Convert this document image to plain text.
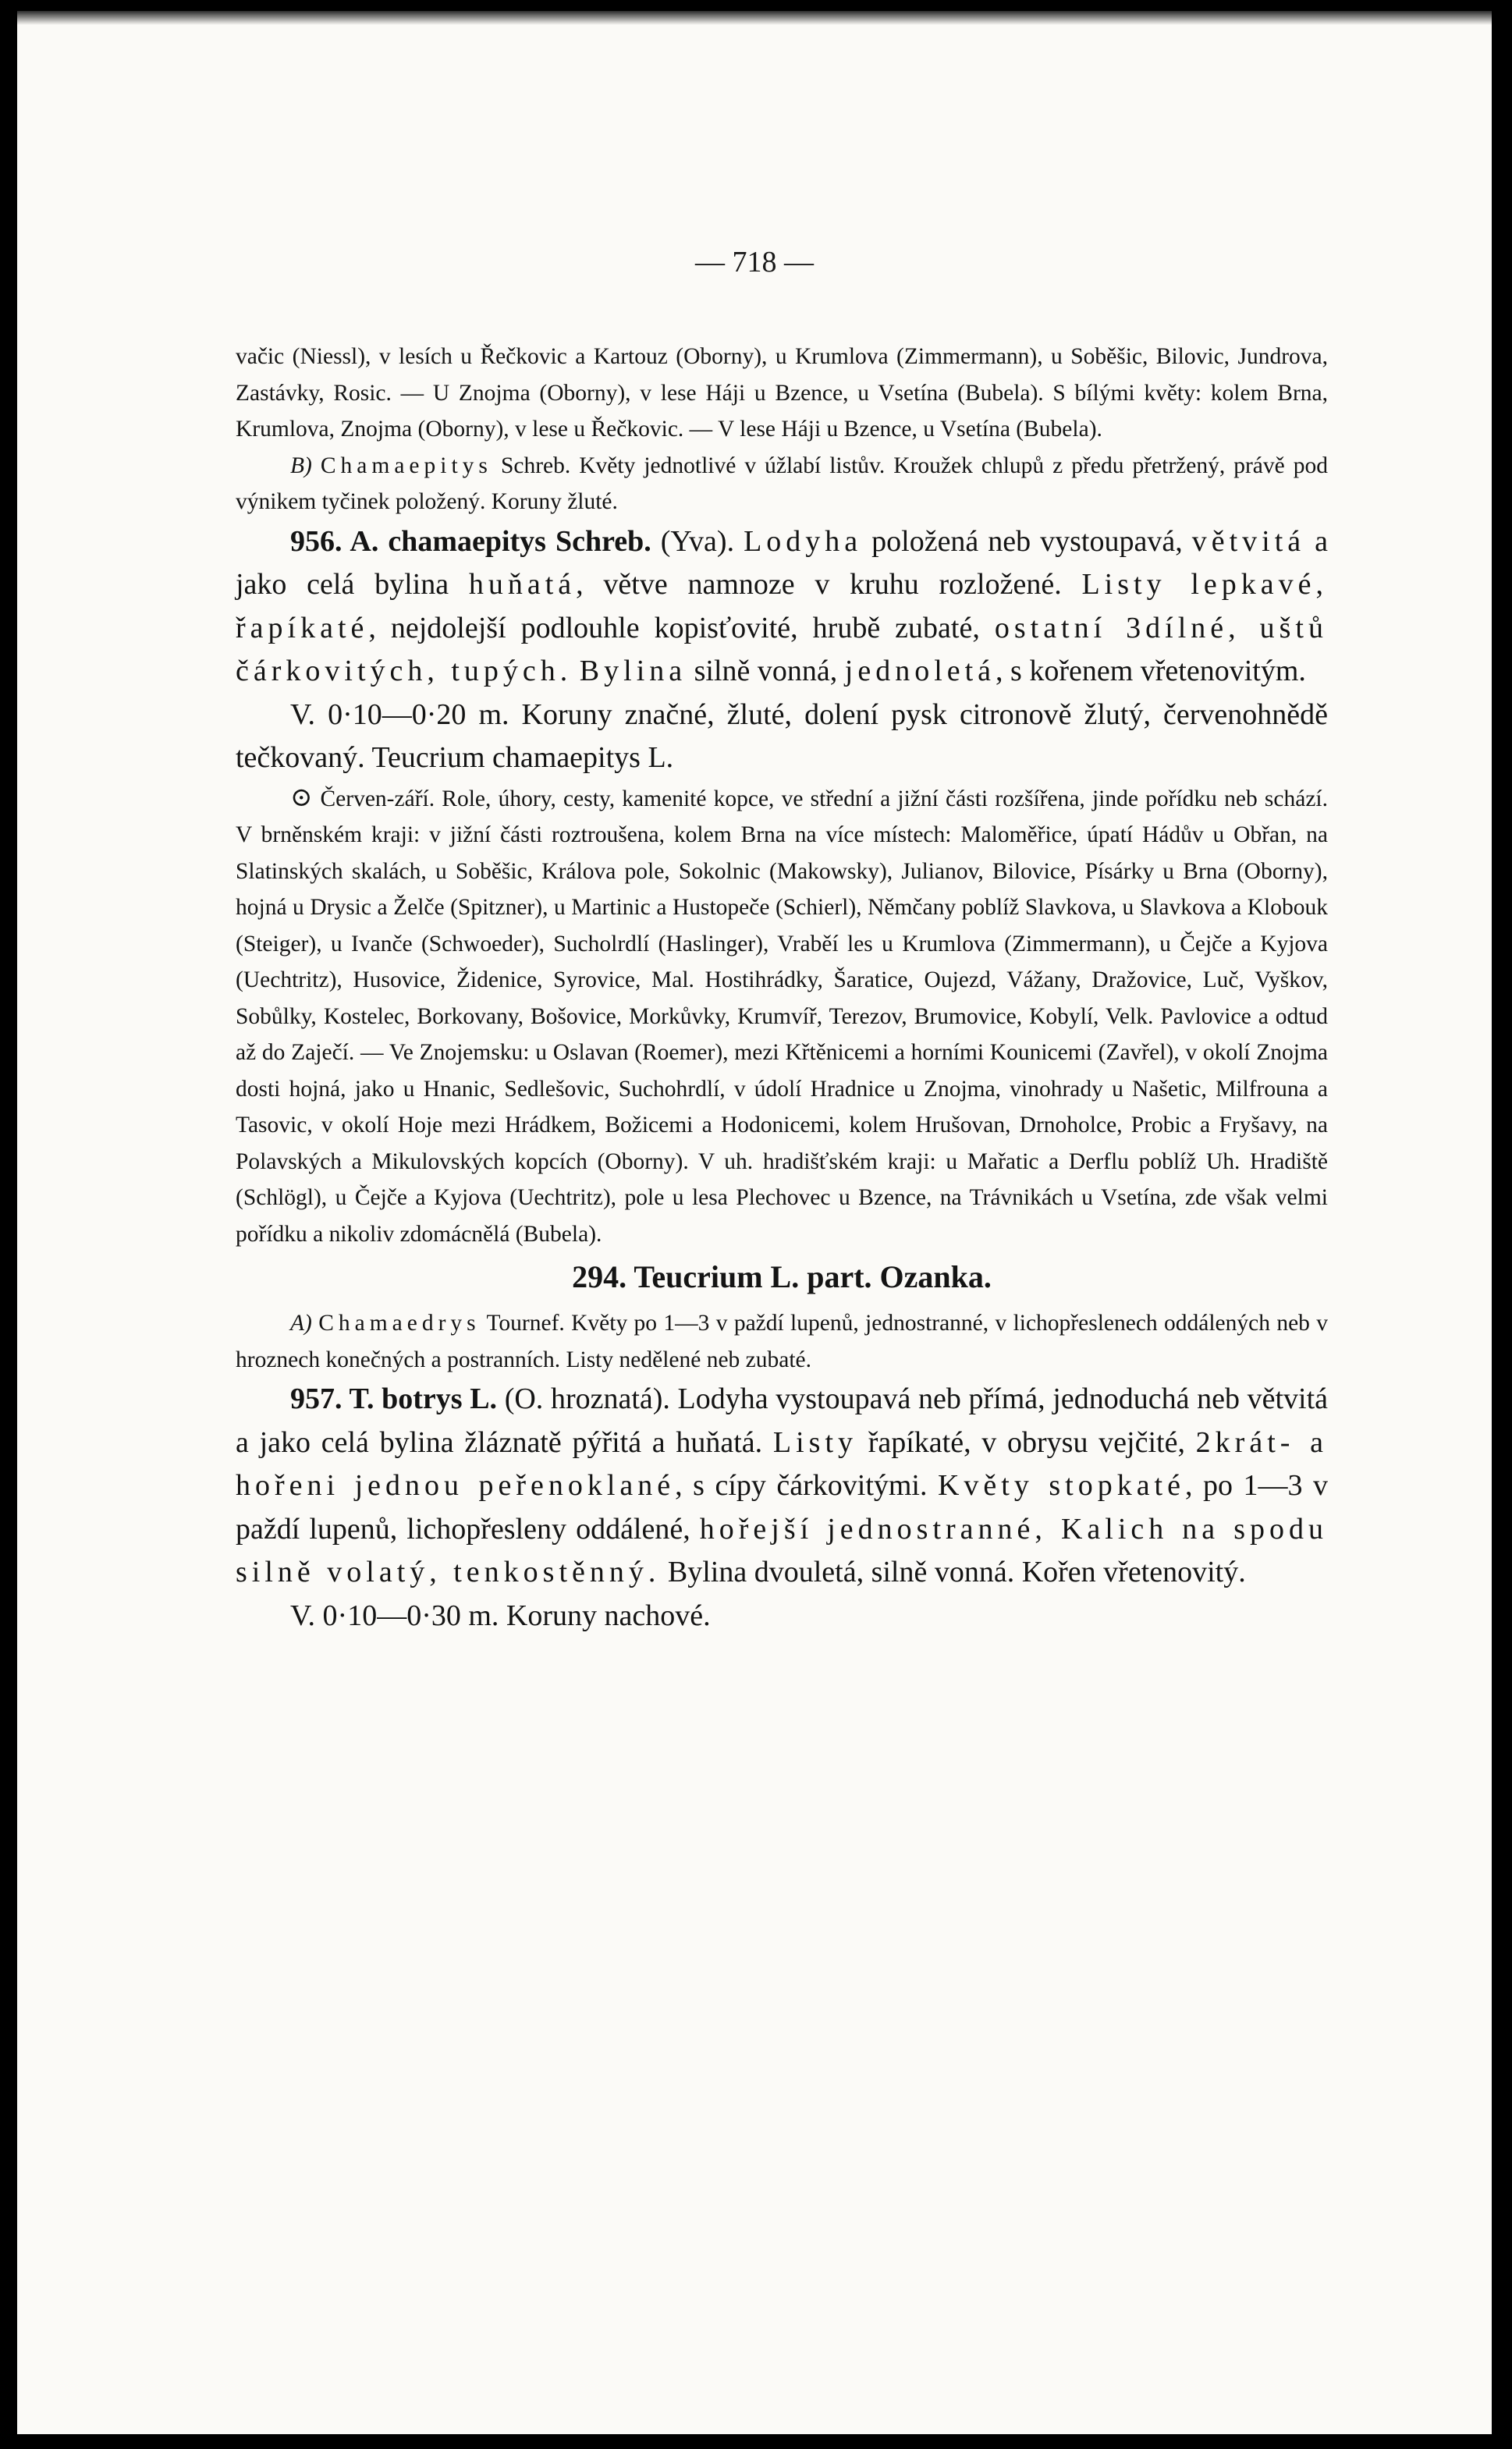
— 718 —

vačic (Niessl), v lesích u Řečkovic a Kartouz (Oborny), u Krumlova (Zimmermann), u Soběšic, Bilovic, Jundrova, Zastávky, Rosic. — U Znojma (Oborny), v lese Háji u Bzence, u Vsetína (Bubela). S bílými květy: kolem Brna, Krumlova, Znojma (Oborny), v lese u Řečkovic. — V lese Háji u Bzence, u Vsetína (Bubela).

B) Chamaepitys Schreb. Květy jednotlivé v úžlabí listův. Kroužek chlupů z předu přetržený, právě pod výnikem tyčinek položený. Koruny žluté.

956. A. chamaepitys Schreb. (Yva). Lodyha položená neb vystoupavá, větvitá a jako celá bylina huňatá, větve namnoze v kruhu rozložené. Listy lepkavé, řapíkaté, nejdolejší podlouhle kopisťovité, hrubě zubaté, ostatní 3dílné, uštů čárkovitých, tupých. Bylina silně vonná, jednoletá, s kořenem vřetenovitým.

V. 0·10—0·20 m. Koruny značné, žluté, dolení pysk citronově žlutý, červenohnědě tečkovaný. Teucrium chamaepitys L.

⊙ Červen-září. Role, úhory, cesty, kamenité kopce, ve střední a jižní části rozšířena, jinde pořídku neb schází. V brněnském kraji: v jižní části roztroušena, kolem Brna na více místech: Maloměřice, úpatí Hádův u Obřan, na Slatinských skalách, u Soběšic, Králova pole, Sokolnic (Makowsky), Julianov, Bilovice, Písárky u Brna (Oborny), hojná u Drysic a Želče (Spitzner), u Martinic a Hustopeče (Schierl), Němčany poblíž Slavkova, u Slavkova a Klobouk (Steiger), u Ivanče (Schwoeder), Sucholrdlí (Haslinger), Vraběí les u Krumlova (Zimmermann), u Čejče a Kyjova (Uechtritz), Husovice, Židenice, Syrovice, Mal. Hostihrádky, Šaratice, Oujezd, Vážany, Dražovice, Luč, Vyškov, Sobůlky, Kostelec, Borkovany, Bošovice, Morkůvky, Krumvíř, Terezov, Brumovice, Kobylí, Velk. Pavlovice a odtud až do Zaječí. — Ve Znojemsku: u Oslavan (Roemer), mezi Křtěnicemi a horními Kounicemi (Zavřel), v okolí Znojma dosti hojná, jako u Hnanic, Sedlešovic, Suchohrdlí, v údolí Hradnice u Znojma, vinohrady u Našetic, Milfrouna a Tasovic, v okolí Hoje mezi Hrádkem, Božicemi a Hodonicemi, kolem Hrušovan, Drnoholce, Probic a Fryšavy, na Polavských a Mikulovských kopcích (Oborny). V uh. hradišťském kraji: u Mařatic a Derflu poblíž Uh. Hradiště (Schlögl), u Čejče a Kyjova (Uechtritz), pole u lesa Plechovec u Bzence, na Trávnikách u Vsetína, zde však velmi pořídku a nikoliv zdomácnělá (Bubela).

294. Teucrium L. part. Ozanka.

A) Chamaedrys Tournef. Květy po 1—3 v paždí lupenů, jednostranné, v lichopřeslenech oddálených neb v hroznech konečných a postranních. Listy nedělené neb zubaté.

957. T. botrys L. (O. hroznatá). Lodyha vystoupavá neb přímá, jednoduchá neb větvitá a jako celá bylina žláznatě pýřitá a huňatá. Listy řapíkaté, v obrysu vejčité, 2krát- a hořeni jednou peřenoklané, s cípy čárkovitými. Květy stopkaté, po 1—3 v paždí lupenů, lichopřesleny oddálené, hořejší jednostranné, Kalich na spodu silně volatý, tenkostěnný. Bylina dvouletá, silně vonná. Kořen vřetenovitý.

V. 0·10—0·30 m. Koruny nachové.
